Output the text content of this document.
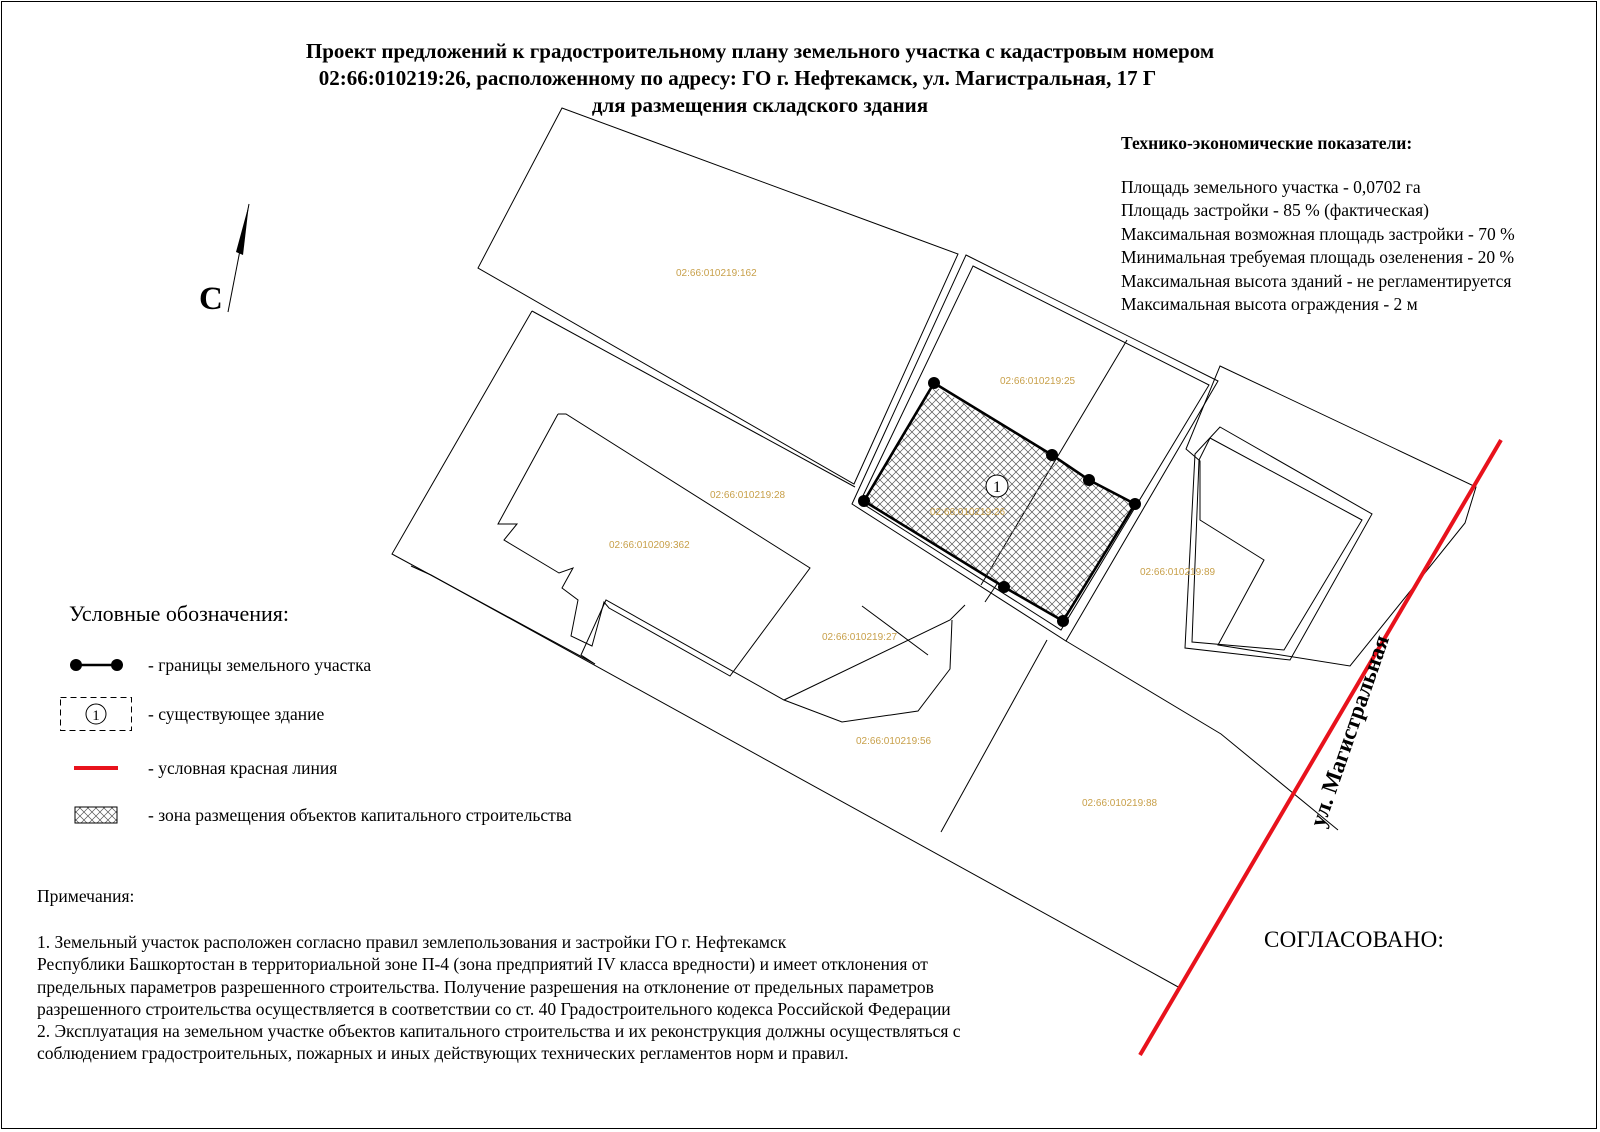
Проект предложений к градостроительному плану земельного участка с кадастровым номером
02:66:010219:26, расположенному по адресу: ГО г. Нефтекамск, ул. Магистральная, 17 Г
для размещения складского здания
Технико-экономические показатели:
Площадь земельного участка - 0,0702 га
Площадь застройки - 85 % (фактическая)
Максимальная возможная площадь застройки - 70 %
Минимальная требуемая площадь озеленения - 20 %
Максимальная высота зданий - не регламентируется
Максимальная высота ограждения - 2 м
1
02:66:010219:162
02:66:010219:25
02:66:010219:28
02:66:010209:362
02:66:010219:26
02:66:010219:89
02:66:010219:27
02:66:010219:56
02:66:010219:88
С
ул. Магистральная
Условные обозначения:
- границы земельного участка
1	- существующее здание
- условная красная линия
- зона размещения объектов капитального строительства
Примечания:
1. Земельный участок расположен согласно правил землепользования и застройки ГО г. Нефтекамск
Республики Башкортостан в территориальной зоне П-4 (зона предприятий IV класса вредности) и имеет отклонения от
предельных параметров разрешенного строительства. Получение разрешения на отклонение от предельных параметров
разрешенного строительства осуществляется в соответствии со ст. 40 Градостроительного кодекса Российской Федерации
2. Эксплуатация на земельном участке объектов капитального строительства и их реконструкция должны осуществляться с
соблюдением градостроительных, пожарных и иных действующих технических регламентов норм и правил.
СОГЛАСОВАНО:
